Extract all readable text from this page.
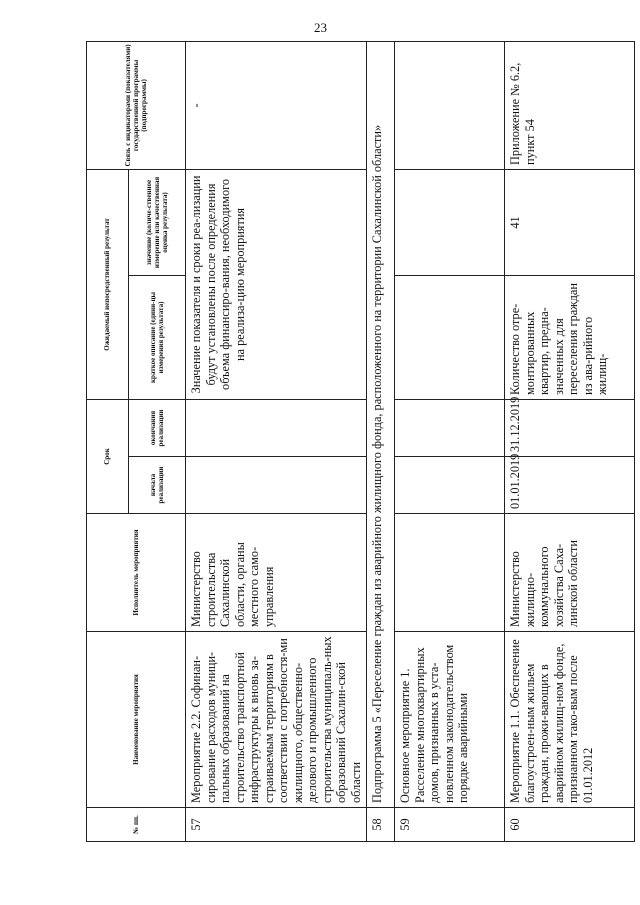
23
№ пп.	Наименование мероприятия	Исполнитель мероприятия	Срок		Ожидаемый непосредственный результат		Связь с индикаторами (показателями) государственной программы (подпрограммы)
			начала реализации	окончания реализации	краткое описание (едини-цы измерения результата)	значение (количе-ственное измерение или качественная оценка результата)	
57	Мероприятие 2.2. Софинан-сирование расходов муници-пальных образований на строительство транспортной инфраструктуры к вновь за-страиваемым территориям в соответствии с потребностя-ми жилищного, общественно-делового и промышленного строительства муниципаль-ных образований Сахалин-ской области	Министерство строительства Сахалинской области, органы местного само-управления			Значение показателя и сроки реа-лизации будут установлены после определения объема финансиро-вания, необходимого на реализа-цию мероприятия		-
58	Подпрограмма 5 «Переселение граждан из аварийного жилищного фонда, расположенного на территории Сахалинской области»						
59	Основное мероприятие 1. Расселение многоквартирных домов, признанных в уста-новленном законодательством порядке аварийными						
60	Мероприятие 1.1. Обеспечение благоустроен-ным жильем граждан, прожи-вающих в аварийном жилищ-ном фонде, признанном тако-вым после 01.01.2012	Министерство жилищно-коммунального хозяйства Саха-линской области	01.01.2019	31.12.2019	Количество отре-монтированных квартир, предна-значенных для переселения граждан из ава-рийного жилищ-	41	Приложение № 6.2, пункт 54
